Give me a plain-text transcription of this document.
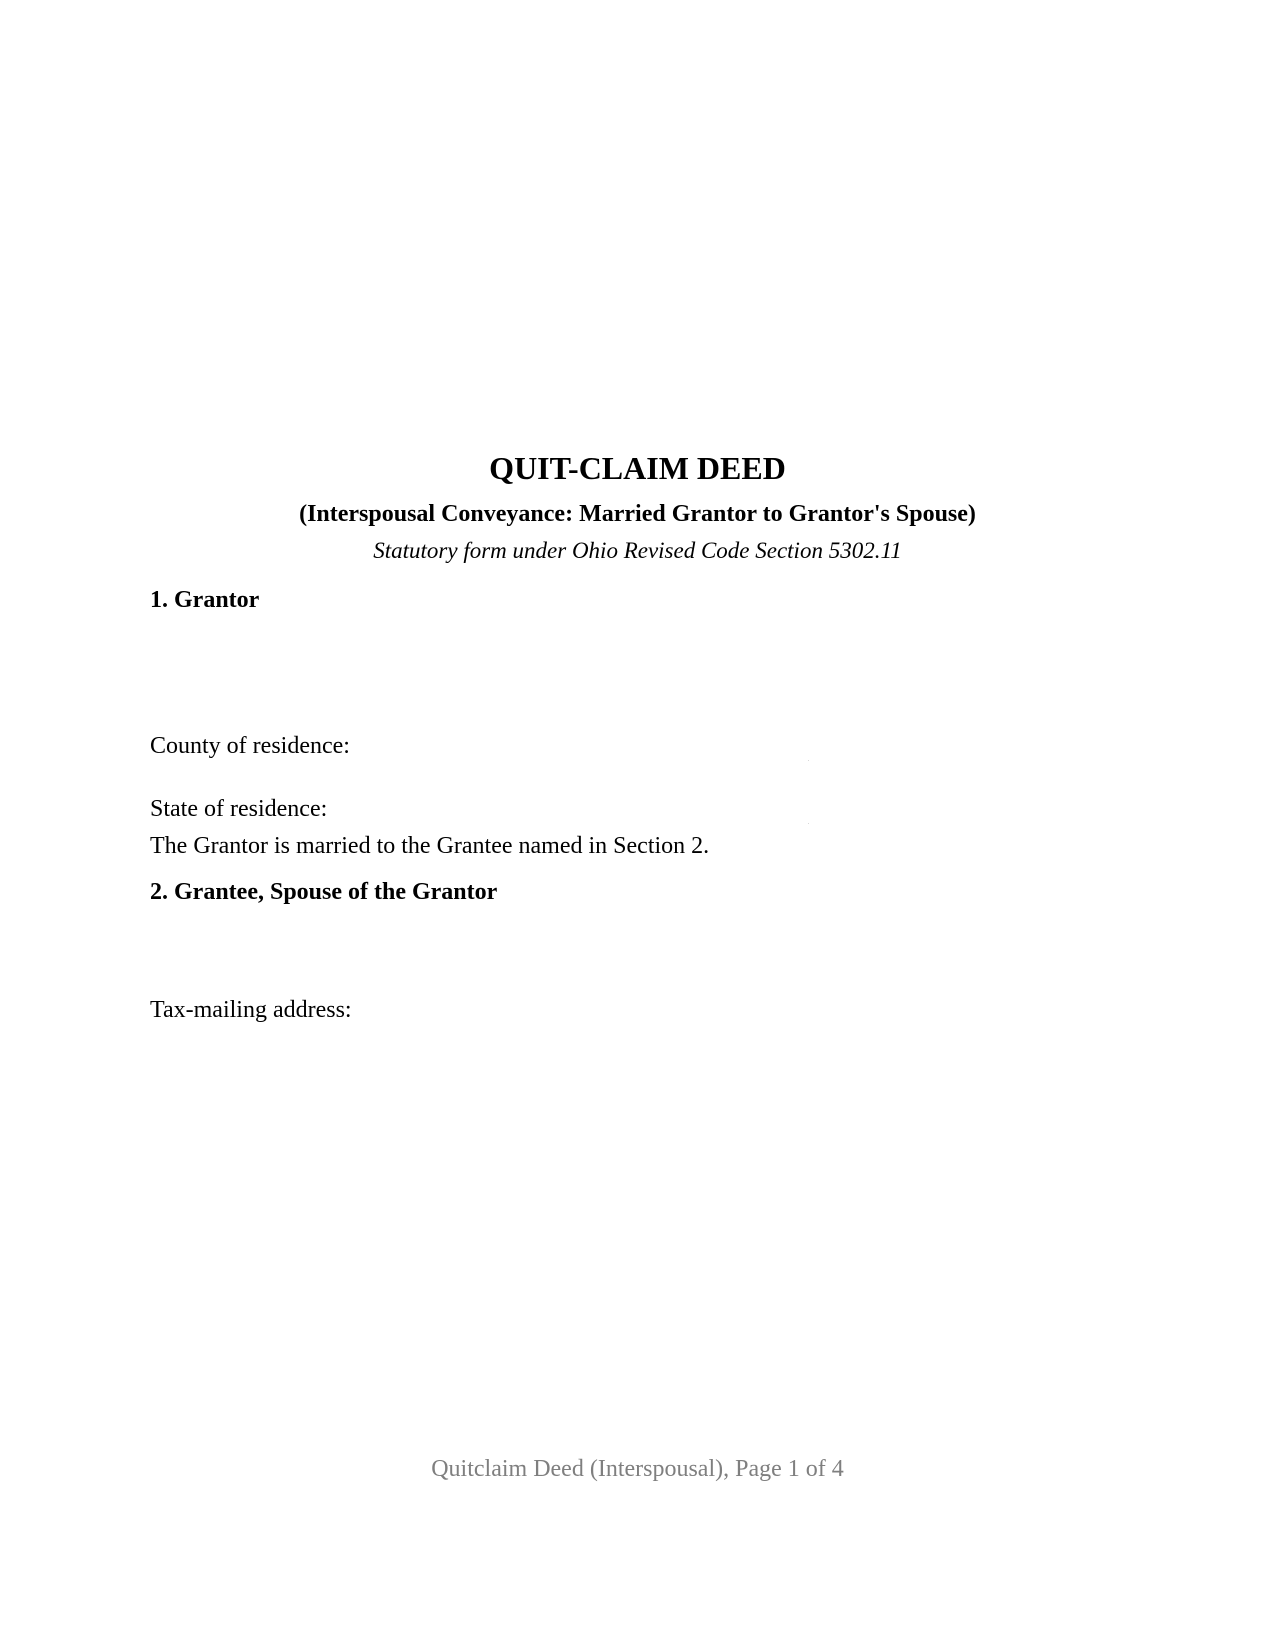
QUIT-CLAIM DEED
(Interspousal Conveyance: Married Grantor to Grantor's Spouse)
Statutory form under Ohio Revised Code Section 5302.11
1. Grantor
County of residence:
State of residence:
The Grantor is married to the Grantee named in Section 2.
2. Grantee, Spouse of the Grantor
Tax-mailing address:
Quitclaim Deed (Interspousal), Page 1 of 4
